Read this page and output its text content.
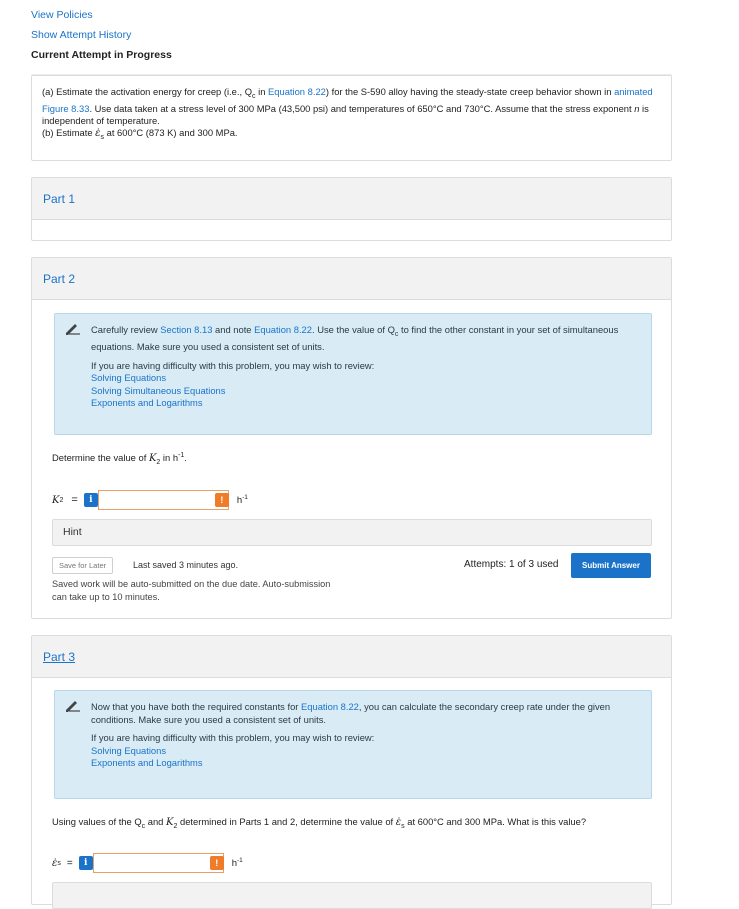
View Policies
Show Attempt History
Current Attempt in Progress

(a) Estimate the activation energy for creep (i.e., $Q_c$ in Equation 8.22) for the S-590 alloy having the steady-state creep behavior shown in animated Figure 8.33. Use data taken at a stress level of 300 MPa (43,500 psi) and temperatures of 650°C and 730°C. Assume that the stress exponent n is independent of temperature.

(b) Estimate $\varepsiloṅ_s$ at 600°C (873 K) and 300 MPa.

Part 1
Part 2
Carefully review Section 8.13 and note Equation 8.22. Use the value of $Q_c$ to find the other constant in your set of simultaneous equations. Make sure you used a consistent set of units.
If you are having difficulty with this problem, you may wish to review:
Solving Equations
Solving Simultaneous Equations
Exponents and Logarithms
Determine the value of $K_2$ in $h^{-1}$.
K 2 =	i	!	$h^{-1}$
Hint
Save for Later	Last saved 3 minutes ago.
Saved work will be auto-submitted on the due date. Auto-submission can take up to 10 minutes.
Attempts: 1 of 3 used	Submit Answer
Part 3
Now that you have both the required constants for Equation 8.22, you can calculate the secondary creep rate under the given conditions. Make sure you used a consistent set of units.
If you are having difficulty with this problem, you may wish to review:
Solving Equations
Exponents and Logarithms
Using values of the $Q_c$ and $K_2$ determined in Parts 1 and 2, determine the value of $\varepsiloṅ_s$ at 600°C and 300 MPa. What is this value?
ε̇ s =	i	!	$h^{-1}$
